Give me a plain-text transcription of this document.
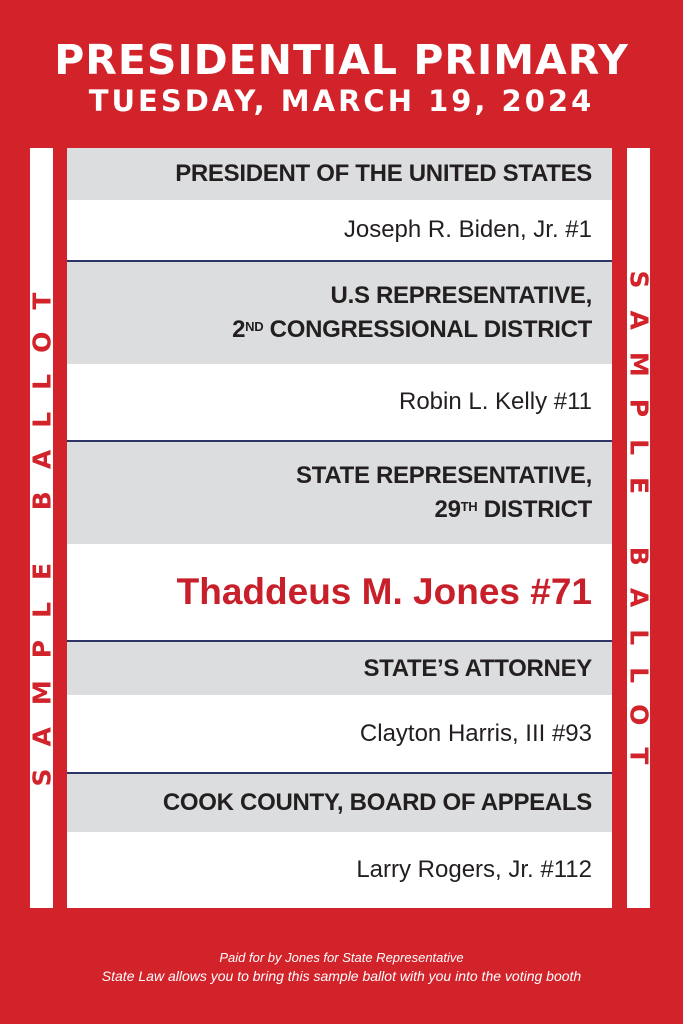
PRESIDENTIAL PRIMARY
TUESDAY, MARCH 19, 2024
SAMPLE BALLOT	SAMPLE BALLOT
PRESIDENT OF THE UNITED STATES
Joseph R. Biden, Jr. #1
U.S REPRESENTATIVE,
2ND CONGRESSIONAL DISTRICT
Robin L. Kelly #11
STATE REPRESENTATIVE,
29TH DISTRICT
Thaddeus M. Jones #71
STATE’S ATTORNEY
Clayton Harris, III #93
COOK COUNTY, BOARD OF APPEALS
Larry Rogers, Jr. #112
Paid for by Jones for State Representative
State Law allows you to bring this sample ballot with you into the voting booth
